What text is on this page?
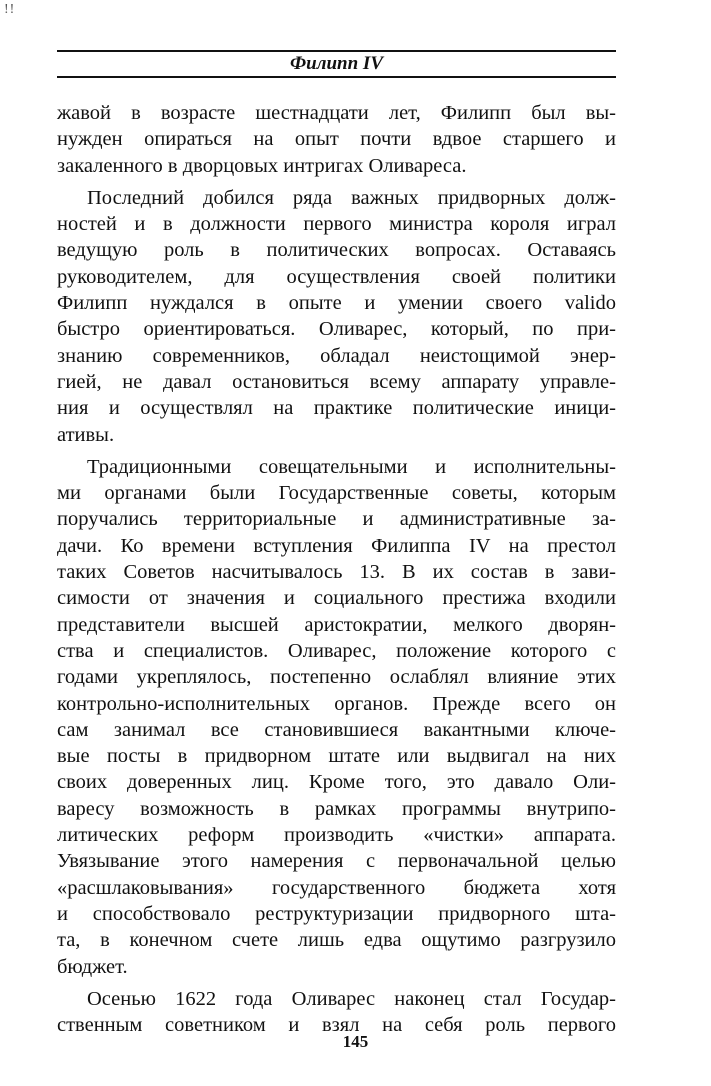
!!
Филипп IV

жавой в возрасте шестнадцати лет, Филипп был вы-
нужден опираться на опыт почти вдвое старшего и
закаленного в дворцовых интригах Оливареса.

Последний добился ряда важных придворных долж-
ностей и в должности первого министра короля играл
ведущую роль в политических вопросах. Оставаясь
руководителем, для осуществления своей политики
Филипп нуждался в опыте и умении своего valido
быстро ориентироваться. Оливарес, который, по при-
знанию современников, обладал неистощимой энер-
гией, не давал остановиться всему аппарату управле-
ния и осуществлял на практике политические иници-
ативы.

Традиционными совещательными и исполнительны-
ми органами были Государственные советы, которым
поручались территориальные и административные за-
дачи. Ко времени вступления Филиппа IV на престол
таких Советов насчитывалось 13. В их состав в зави-
симости от значения и социального престижа входили
представители высшей аристократии, мелкого дворян-
ства и специалистов. Оливарес, положение которого с
годами укреплялось, постепенно ослаблял влияние этих
контрольно-исполнительных органов. Прежде всего он
сам занимал все становившиеся вакантными ключе-
вые посты в придворном штате или выдвигал на них
своих доверенных лиц. Кроме того, это давало Оли-
варесу возможность в рамках программы внутрипо-
литических реформ производить «чистки» аппарата.
Увязывание этого намерения с первоначальной целью
«расшлаковывания» государственного бюджета хотя
и способствовало реструктуризации придворного шта-
та, в конечном счете лишь едва ощутимо разгрузило
бюджет.

Осенью 1622 года Оливарес наконец стал Государ-
ственным советником и взял на себя роль первого

145
